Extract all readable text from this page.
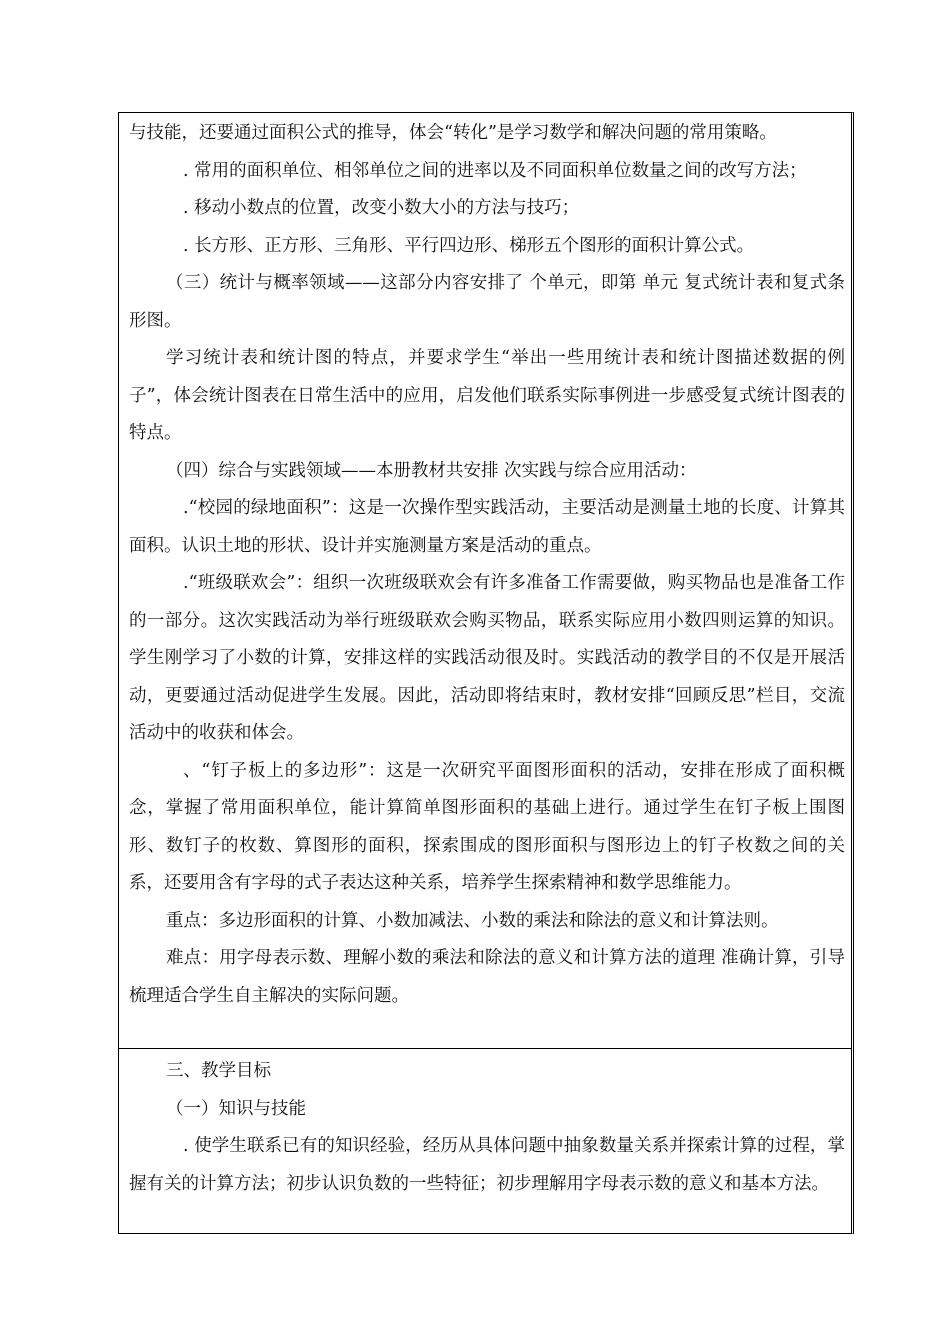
与技能，还要通过面积公式的推导，体会“转化”是学习数学和解决问题的常用策略。

. 常用的面积单位、相邻单位之间的进率以及不同面积单位数量之间的改写方法；

. 移动小数点的位置，改变小数大小的方法与技巧；

. 长方形、正方形、三角形、平行四边形、梯形五个图形的面积计算公式。

（三）统计与概率领域——这部分内容安排了 个单元，即第 单元 复式统计表和复式条形图。

学习统计表和统计图的特点，并要求学生“举出一些用统计表和统计图描述数据的例子”，体会统计图表在日常生活中的应用，启发他们联系实际事例进一步感受复式统计图表的特点。

（四）综合与实践领域——本册教材共安排 次实践与综合应用活动：

.“校园的绿地面积”：这是一次操作型实践活动，主要活动是测量土地的长度、计算其面积。认识土地的形状、设计并实施测量方案是活动的重点。

.“班级联欢会”：组织一次班级联欢会有许多准备工作需要做，购买物品也是准备工作的一部分。这次实践活动为举行班级联欢会购买物品，联系实际应用小数四则运算的知识。学生刚学习了小数的计算，安排这样的实践活动很及时。实践活动的教学目的不仅是开展活动，更要通过活动促进学生发展。因此，活动即将结束时，教材安排“回顾反思”栏目，交流活动中的收获和体会。

、“钉子板上的多边形”：这是一次研究平面图形面积的活动，安排在形成了面积概念，掌握了常用面积单位，能计算简单图形面积的基础上进行。通过学生在钉子板上围图形、数钉子的枚数、算图形的面积，探索围成的图形面积与图形边上的钉子枚数之间的关系，还要用含有字母的式子表达这种关系，培养学生探索精神和数学思维能力。

重点：多边形面积的计算、小数加减法、小数的乘法和除法的意义和计算法则。

难点：用字母表示数、理解小数的乘法和除法的意义和计算方法的道理 准确计算，引导梳理适合学生自主解决的实际问题。

三、教学目标

（一）知识与技能

. 使学生联系已有的知识经验，经历从具体问题中抽象数量关系并探索计算的过程，掌握有关的计算方法；初步认识负数的一些特征；初步理解用字母表示数的意义和基本方法。
